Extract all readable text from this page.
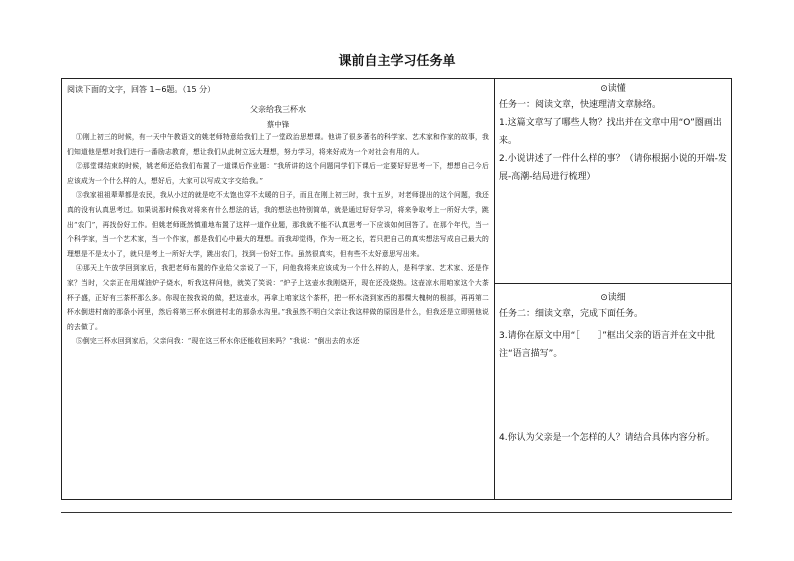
课前自主学习任务单
阅读下面的文字，回答 1~6题。（15 分）
父亲给我三杯水
蔡中锋

①刚上初三的时候，有一天中午教语文的姚老师特意给我们上了一堂政治思想课。他讲了很多著名的科学家、艺术家和作家的故事，我们知道他是想对我们进行一番励志教育，想让我们从此树立远大理想，努力学习，将来好成为一个对社会有用的人。

②那堂课结束的时候，姚老师还给我们布置了一道课后作业题：“我所讲的这个问题同学们下课后一定要好好思考一下，想想自己今后应该成为一个什么样的人，想好后，大家可以写成文字交给我。”

③我家祖祖辈辈都是农民，我从小过的就是吃不太饱也穿不太暖的日子，而且在刚上初三时，我十五岁，对老师提出的这个问题，我还真的没有认真思考过。如果说那时候我对将来有什么想法的话，我的想法也特别简单，就是通过好好学习，将来争取考上一所好大学，跳出“农门”，再找份好工作。但姚老师既然慎重地布置了这样一道作业题，那我就不能不认真思考一下应该如何回答了。在那个年代，当一个科学家，当一个艺术家，当一个作家，都是我们心中最大的理想。而我却觉得，作为一班之长，若只把自己的真实想法写成自己最大的理想是不是太小了，就只是考上一所好大学，跳出农门，找到一份好工作。虽然很真实，但有些不太好意思写出来。

④那天上午放学回到家后，我把老师布置的作业给父亲说了一下，问他我将来应该成为一个什么样的人，是科学家、艺术家、还是作家？当时，父亲正在用煤油炉子烧水，听我这样问他，就笑了笑说：“炉子上这壶水我刚烧开，现在还没烧热。这壶凉水用咱家这个大茶杯子盛，正好有三茶杯那么多。你现在按我说的做，把这壶水，再拿上咱家这个茶杯，把一杯水浇到家西的那棵大槐树的根部，再再第二杯水倒进村南的那条小河里，然后将第三杯水倒进村北的那条水沟里。”我虽然不明白父亲让我这样做的原因是什么，但我还是立即照他说的去做了。

⑤倒完三杯水回到家后，父亲问我：“现在这三杯水你还能收回来吗？”我说：“倒出去的水还

⊙读懂

任务一：阅读文章，快速理清文章脉络。

1.这篇文章写了哪些人物？找出并在文章中用“O”圈画出来。

2.小说讲述了一件什么样的事？（请你根据小说的开端-发展-高潮-结局进行梳理）

⊙读细

任务二：细读文章，完成下面任务。

3.请你在原文中用“［　　］”框出父亲的语言并在文中批注“语言描写”。

4.你认为父亲是一个怎样的人？请结合具体内容分析。
